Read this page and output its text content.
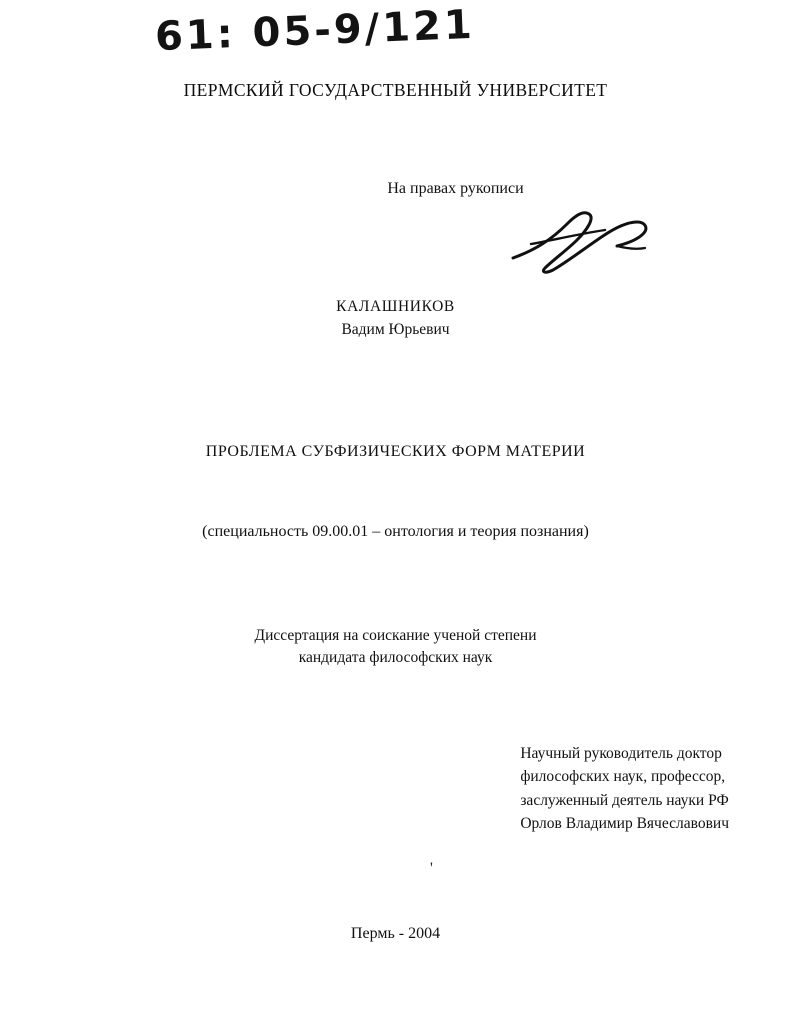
61: 05-9/121
ПЕРМСКИЙ ГОСУДАРСТВЕННЫЙ УНИВЕРСИТЕТ
На правах рукописи
КАЛАШНИКОВ
Вадим Юрьевич
ПРОБЛЕМА СУБФИЗИЧЕСКИХ ФОРМ МАТЕРИИ
(специальность 09.00.01 – онтология и теория познания)
Диссертация на соискание ученой степени
кандидата философских наук
Научный руководитель доктор
философских наук, профессор,
заслуженный деятель науки РФ
Орлов Владимир Вячеславович
'
Пермь - 2004
